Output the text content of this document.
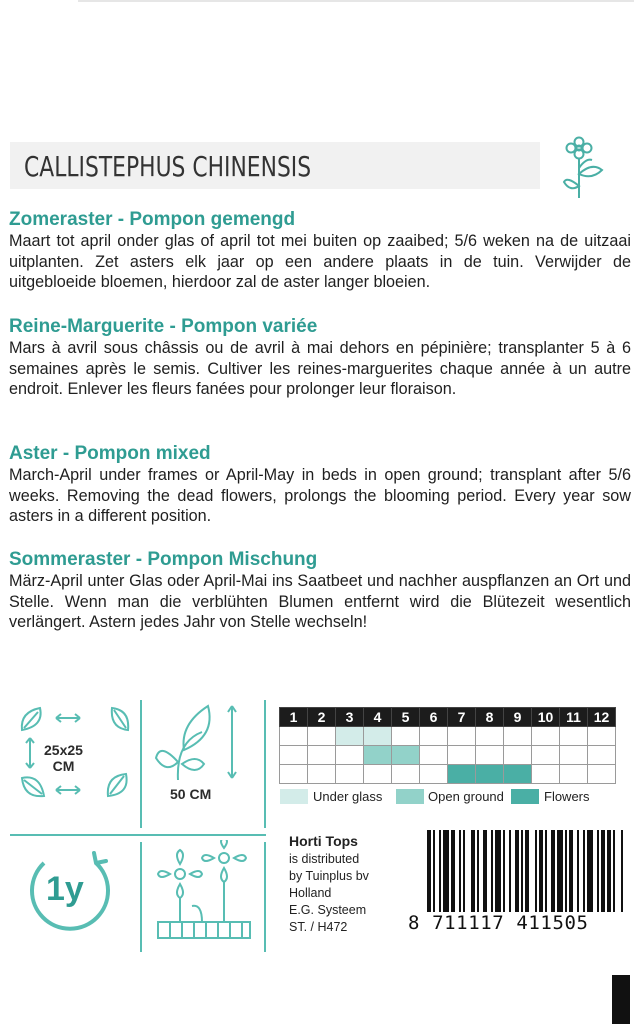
CALLISTEPHUS CHINENSIS
Zomeraster - Pompon gemengd

Maart tot april onder glas of april tot mei buiten op zaaibed; 5/6 weken na de uitzaai uitplanten. Zet asters elk jaar op een andere plaats in de tuin. Verwijder de uitgebloeide bloemen, hierdoor zal de aster langer bloeien.

Reine-Marguerite - Pompon variée

Mars à avril sous châssis ou de avril à mai dehors en pépinière; transplanter 5 à 6 semaines après le semis. Cultiver les reines-marguerites chaque année à un autre endroit. Enlever les fleurs fanées pour prolonger leur floraison.

Aster - Pompon mixed

March-April under frames or April-May in beds in open ground; transplant after 5/6 weeks. Removing the dead flowers, prolongs the blooming period. Every year sow asters in a different position.

Sommeraster - Pompon Mischung

März-April unter Glas oder April-Mai ins Saatbeet und nachher auspflanzen an Ort und Stelle. Wenn man die verblühten Blumen entfernt wird die Blütezeit wesentlich verlängert. Astern jedes Jahr von Stelle wechseln!

25x25
CM
50 CM
1y
1	2	3	4	5	6	7	8	9	10	11	12

Under glass	Open ground	Flowers
Horti Tops
is distributed
by Tuinplus bv
Holland
E.G. Systeem
ST. / H472	8 711117 411505
